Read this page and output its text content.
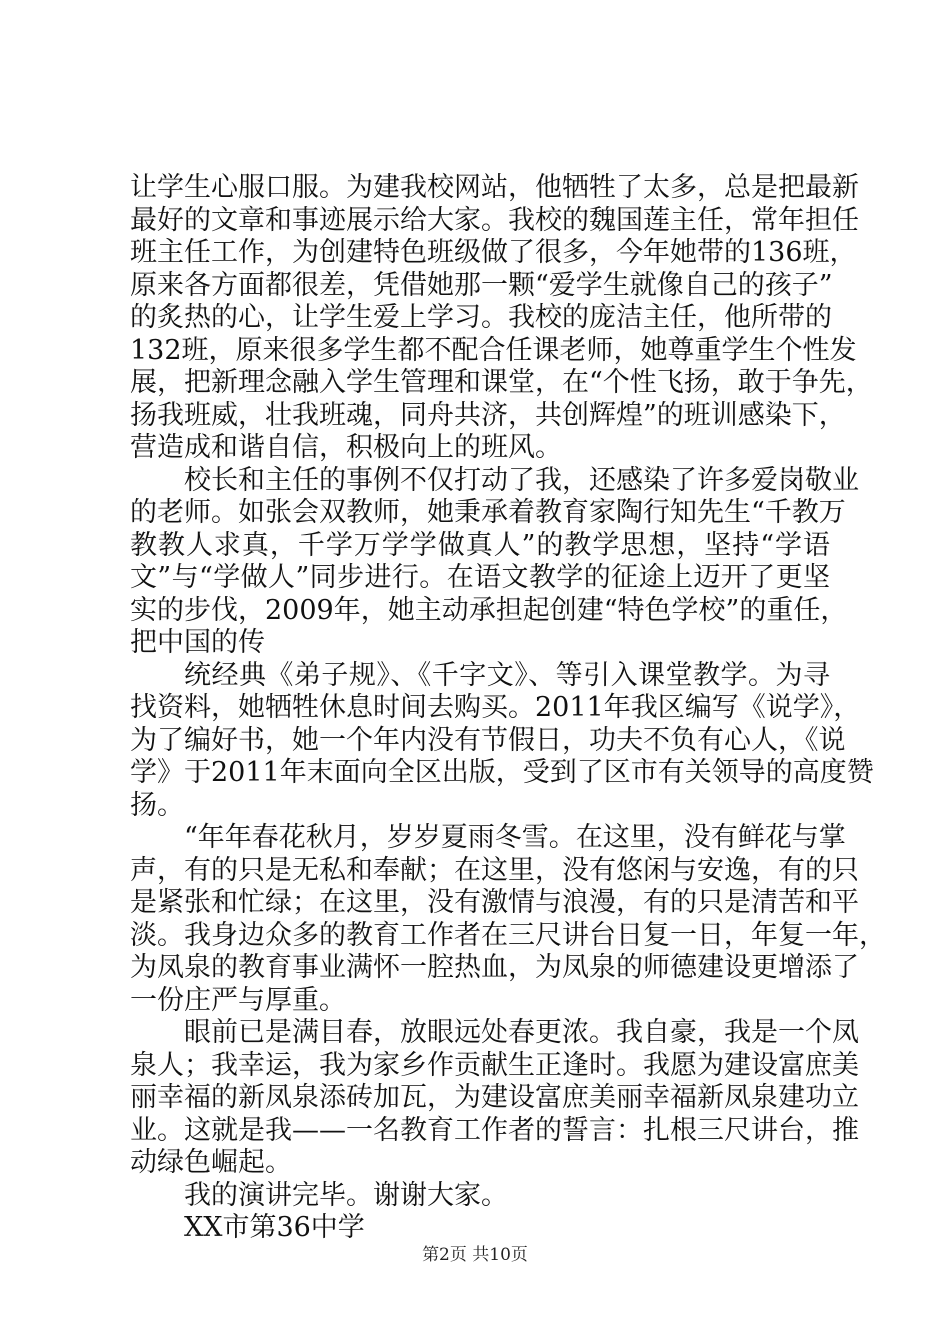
让学生心服口服。为建我校网站，他牺牲了太多，总是把最新
最好的文章和事迹展示给大家。我校的魏国莲主任，常年担任
班主任工作，为创建特色班级做了很多，今年她带的136班，
原来各方面都很差，凭借她那一颗“爱学生就像自己的孩子”
的炙热的心，让学生爱上学习。我校的庞洁主任，他所带的
132班，原来很多学生都不配合任课老师，她尊重学生个性发
展，把新理念融入学生管理和课堂，在“个性飞扬，敢于争先，
扬我班威，壮我班魂，同舟共济，共创辉煌”的班训感染下，
营造成和谐自信，积极向上的班风。
校长和主任的事例不仅打动了我，还感染了许多爱岗敬业
的老师。如张会双教师，她秉承着教育家陶行知先生“千教万
教教人求真，千学万学学做真人”的教学思想，坚持“学语
文”与“学做人”同步进行。在语文教学的征途上迈开了更坚
实的步伐，2009年，她主动承担起创建“特色学校”的重任，
把中国的传
统经典《弟子规》、《千字文》、等引入课堂教学。为寻
找资料，她牺牲休息时间去购买。2011年我区编写《说学》，
为了编好书，她一个年内没有节假日，功夫不负有心人，《说
学》于2011年末面向全区出版，受到了区市有关领导的高度赞
扬。
“年年春花秋月，岁岁夏雨冬雪。在这里，没有鲜花与掌
声，有的只是无私和奉献；在这里，没有悠闲与安逸，有的只
是紧张和忙绿；在这里，没有激情与浪漫，有的只是清苦和平
淡。我身边众多的教育工作者在三尺讲台日复一日，年复一年，
为凤泉的教育事业满怀一腔热血，为凤泉的师德建设更增添了
一份庄严与厚重。
眼前已是满目春，放眼远处春更浓。我自豪，我是一个凤
泉人；我幸运，我为家乡作贡献生正逢时。我愿为建设富庶美
丽幸福的新凤泉添砖加瓦，为建设富庶美丽幸福新凤泉建功立
业。这就是我——一名教育工作者的誓言：扎根三尺讲台，推
动绿色崛起。
我的演讲完毕。谢谢大家。
XX市第36中学
第2页 共10页
